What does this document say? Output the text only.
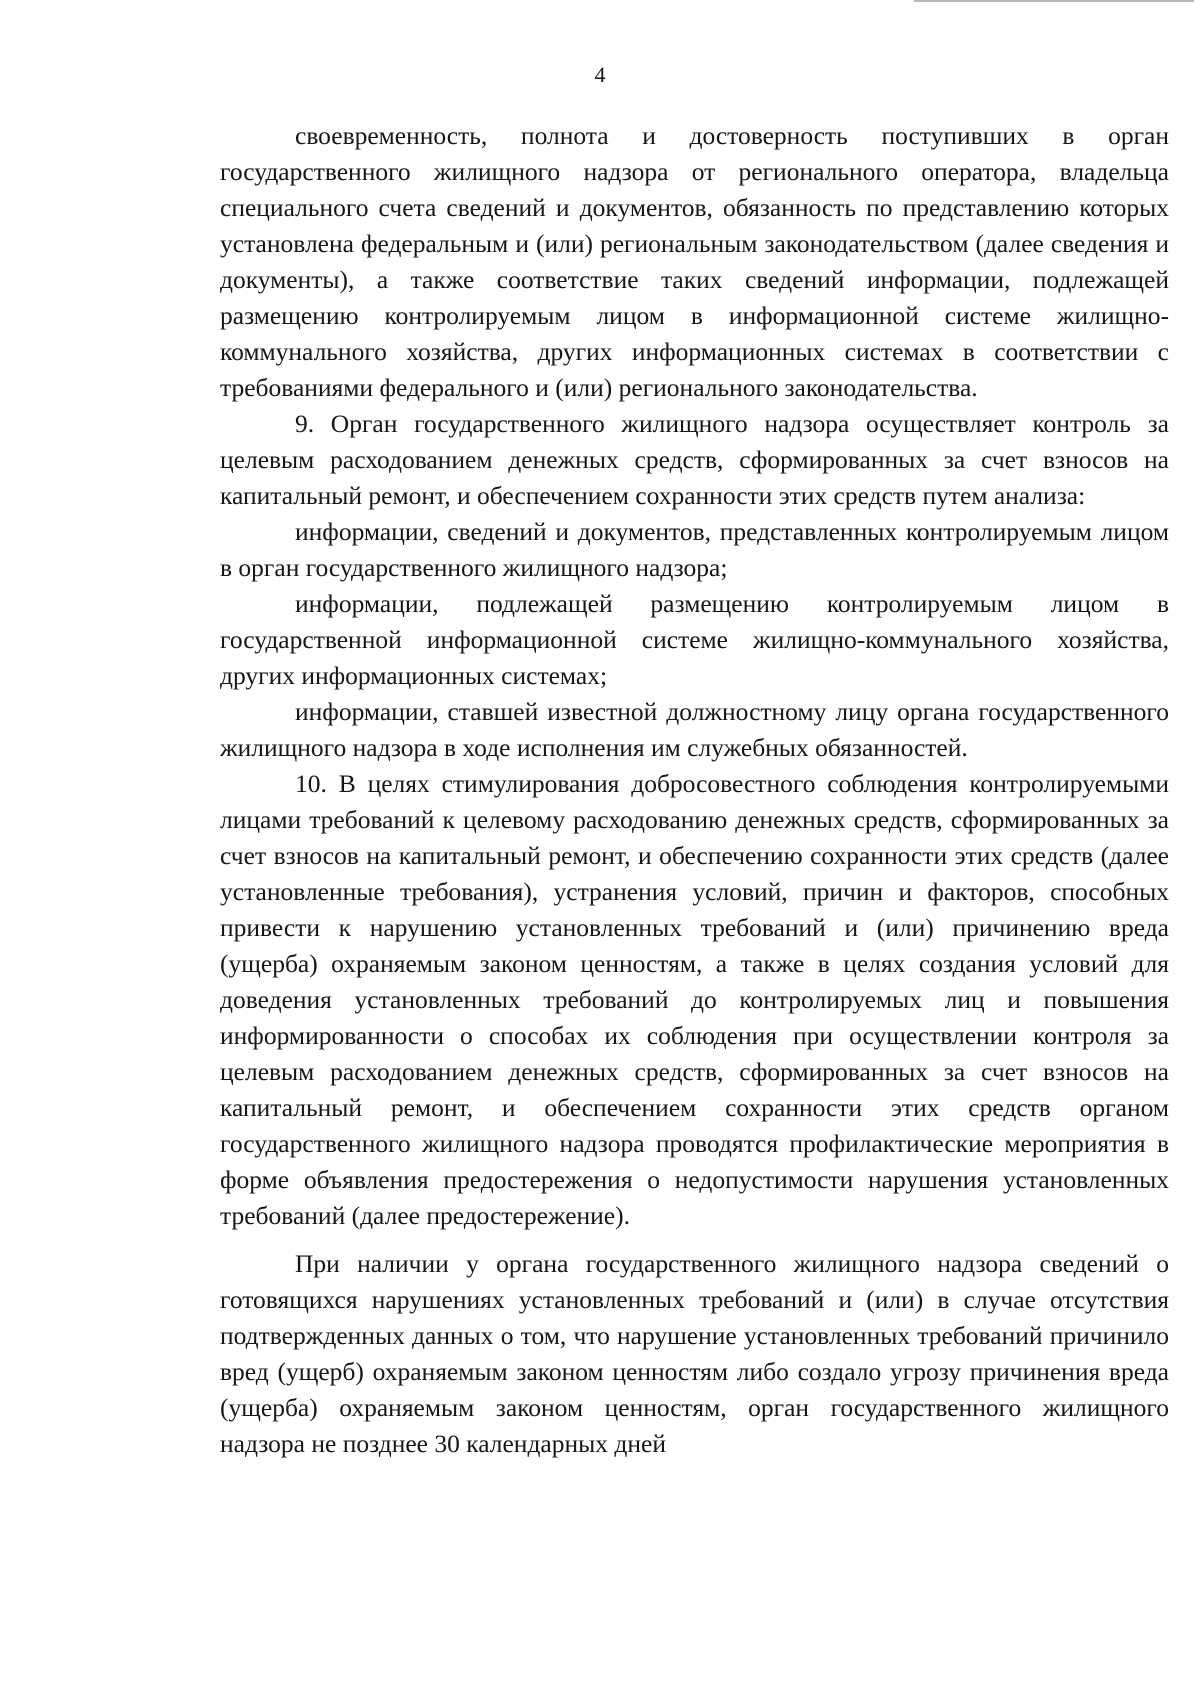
4

своевременность, полнота и достоверность поступивших в орган государственного жилищного надзора от регионального оператора, владельца специального счета сведений и документов, обязанность по представлению которых установлена федеральным и (или) региональным законодательством (далее сведения и документы), а также соответствие таких сведений информации, подлежащей размещению контролируемым лицом в информационной системе жилищно-коммунального хозяйства, других информационных системах в соответствии с требованиями федерального и (или) регионального законодательства.

9. Орган государственного жилищного надзора осуществляет контроль за целевым расходованием денежных средств, сформированных за счет взносов на капитальный ремонт, и обеспечением сохранности этих средств путем анализа:

информации, сведений и документов, представленных контролируемым лицом в орган государственного жилищного надзора;

информации, подлежащей размещению контролируемым лицом в государственной информационной системе жилищно-коммунального хозяйства, других информационных системах;

информации, ставшей известной должностному лицу органа государственного жилищного надзора в ходе исполнения им служебных обязанностей.

10. В целях стимулирования добросовестного соблюдения контролируемыми лицами требований к целевому расходованию денежных средств, сформированных за счет взносов на капитальный ремонт, и обеспечению сохранности этих средств (далее установленные требования), устранения условий, причин и факторов, способных привести к нарушению установленных требований и (или) причинению вреда (ущерба) охраняемым законом ценностям, а также в целях создания условий для доведения установленных требований до контролируемых лиц и повышения информированности о способах их соблюдения при осуществлении контроля за целевым расходованием денежных средств, сформированных за счет взносов на капитальный ремонт, и обеспечением сохранности этих средств органом государственного жилищного надзора проводятся профилактические мероприятия в форме объявления предостережения о недопустимости нарушения установленных требований (далее предостережение).

При наличии у органа государственного жилищного надзора сведений о готовящихся нарушениях установленных требований и (или) в случае отсутствия подтвержденных данных о том, что нарушение установленных требований причинило вред (ущерб) охраняемым законом ценностям либо создало угрозу причинения вреда (ущерба) охраняемым законом ценностям, орган государственного жилищного надзора не позднее 30 календарных дней
